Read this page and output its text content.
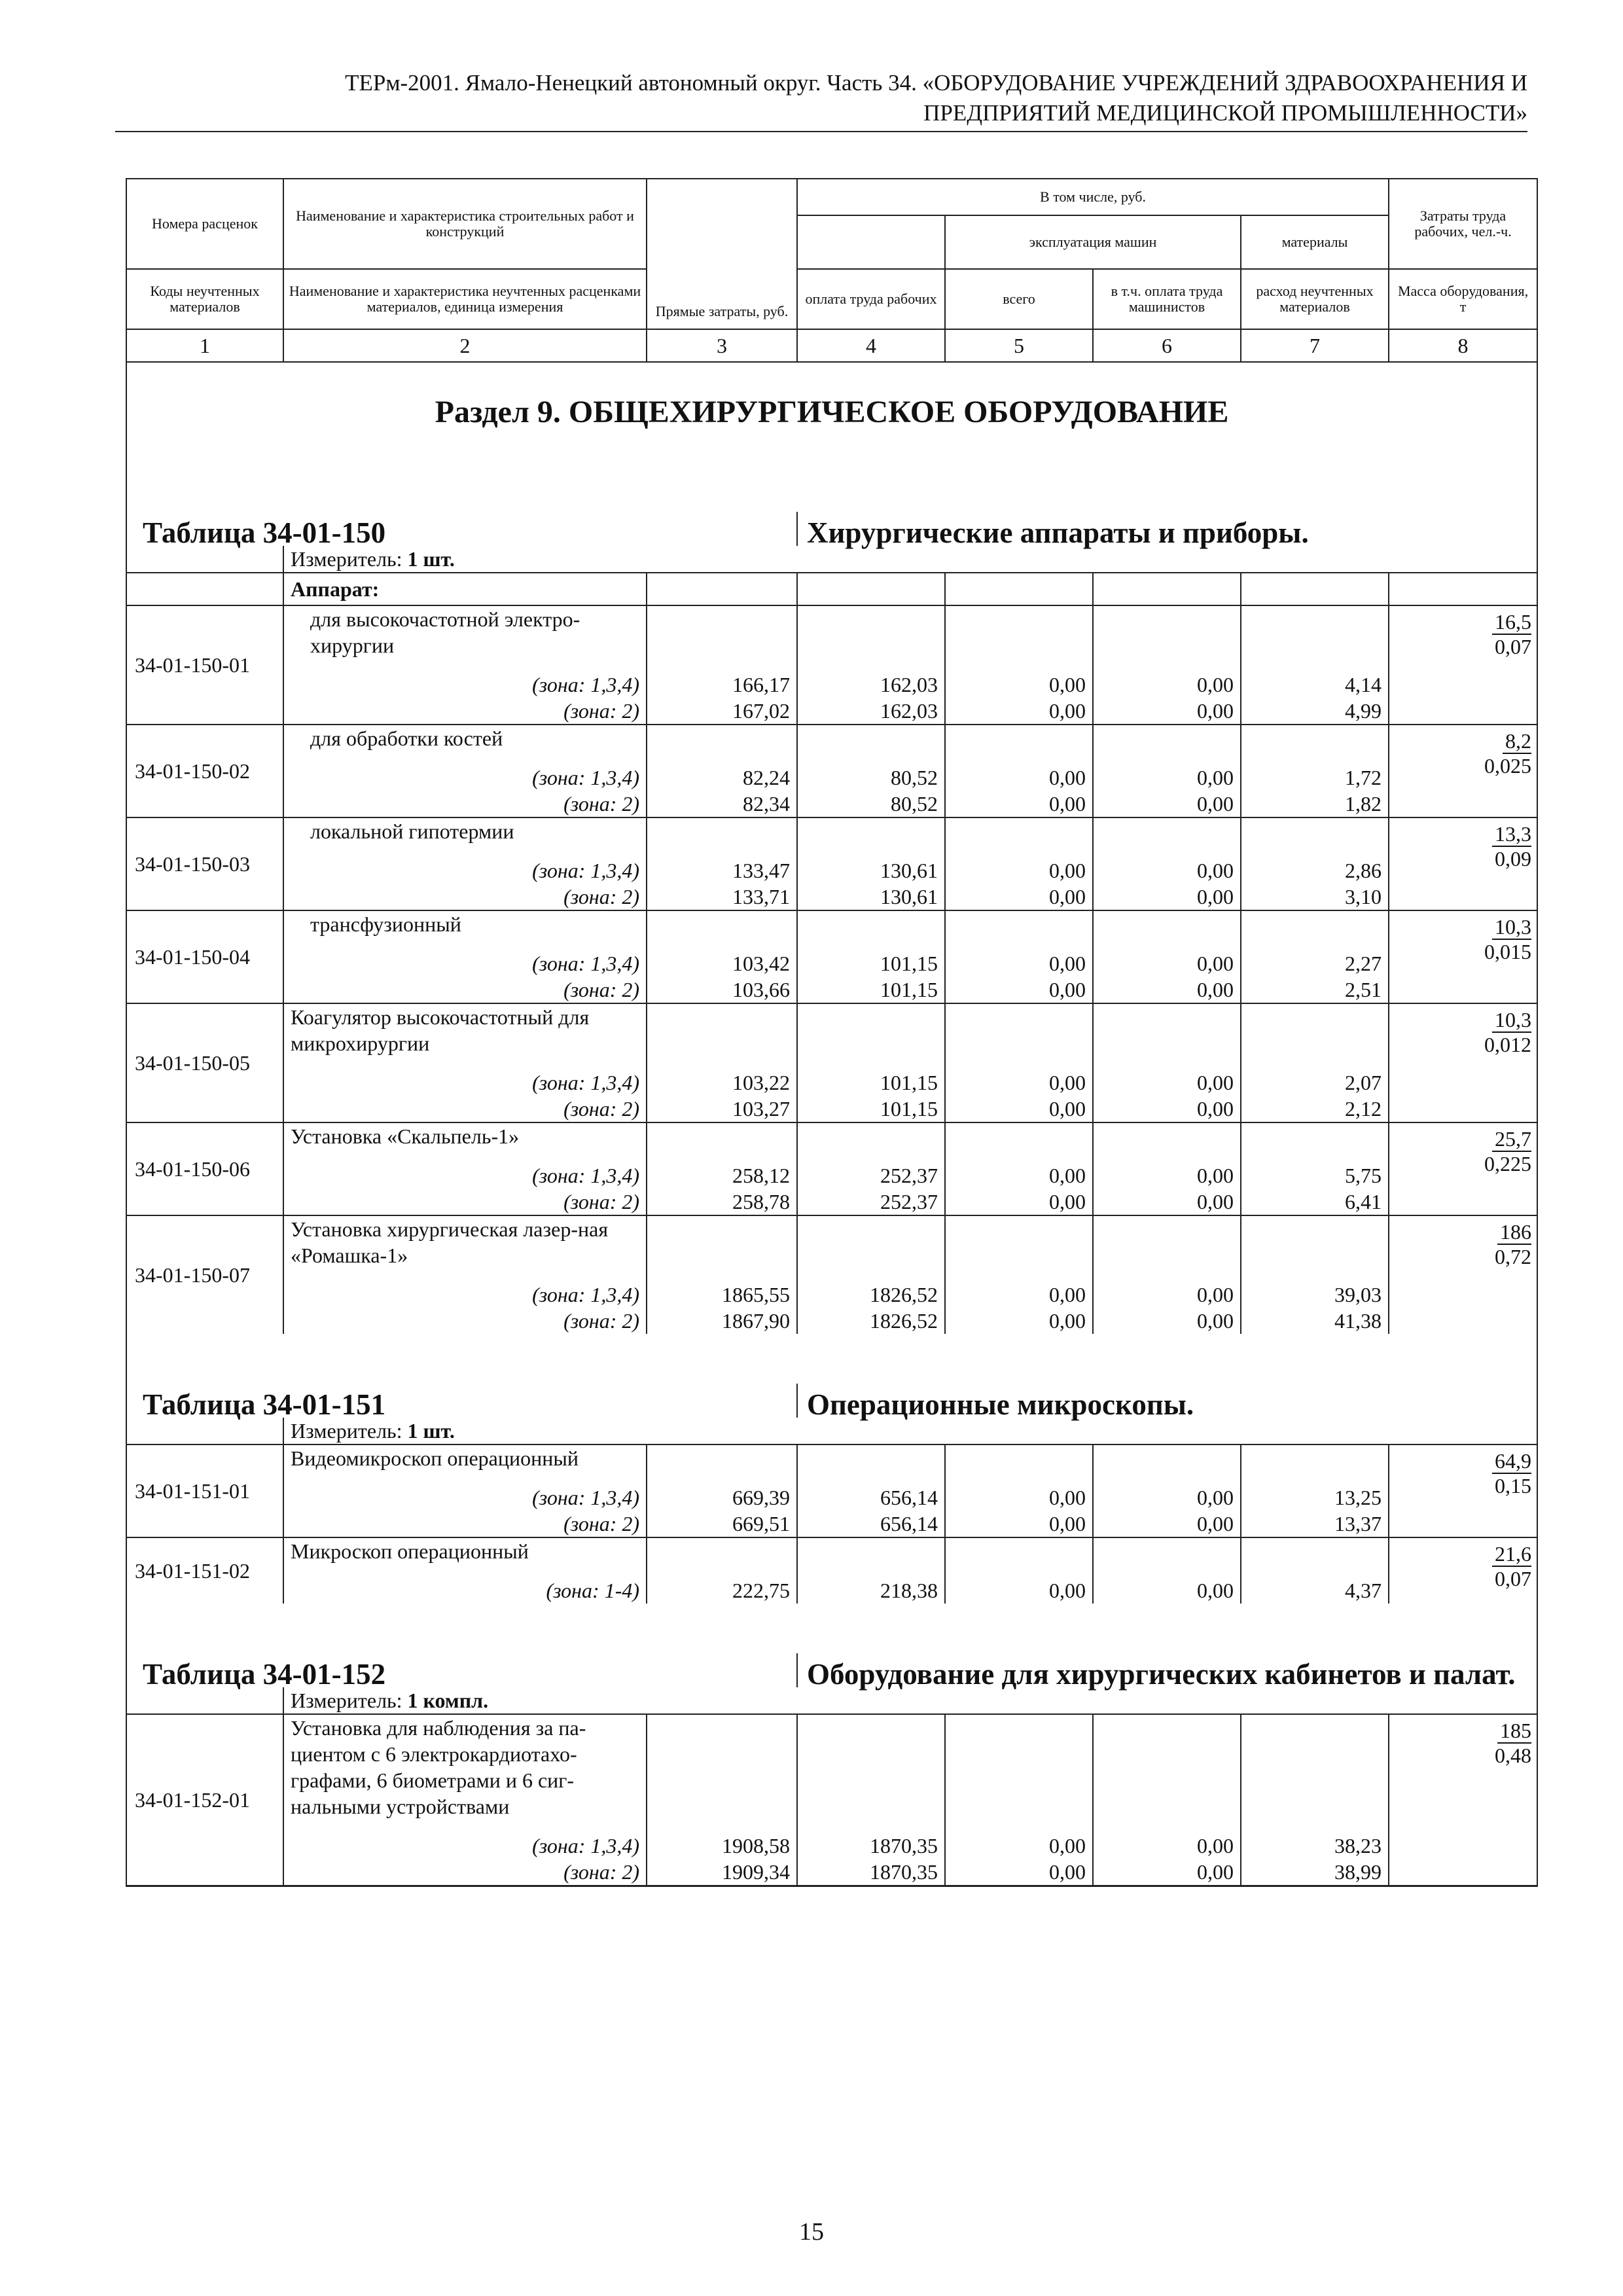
ТЕРм-2001. Ямало-Ненецкий автономный округ. Часть 34. «ОБОРУДОВАНИЕ УЧРЕЖДЕНИЙ ЗДРАВООХРАНЕНИЯ И
ПРЕДПРИЯТИЙ МЕДИЦИНСКОЙ ПРОМЫШЛЕННОСТИ»
Номера расценок	Наименование и характеристика строительных работ и конструкций	Прямые затраты, руб.	В том числе, руб.				Затраты труда рабочих, чел.-ч.
				эксплуатация машин		материалы	
Коды неучтенных материалов	Наименование и характеристика неучтенных расценками материалов, единица измерения		оплата труда рабочих	всего	в т.ч. оплата труда машинистов	расход неучтенных материалов	Масса оборудования, т
1	2	3	4	5	6	7	8
Раздел 9. ОБЩЕХИРУРГИЧЕСКОЕ ОБОРУДОВАНИЕ							

Таблица 34-01-150			Хирургические аппараты и приборы.				
	Измеритель: 1 шт.						
	Аппарат:						
34-01-150-01	для высокочастотной электро-хирургии						16,5
0,07

	(зона: 1,3,4)	166,17	162,03	0,00	0,00	4,14	
	(зона: 2)	167,02	162,03	0,00	0,00	4,99	
34-01-150-02	для обработки костей						8,2
0,025

	(зона: 1,3,4)	82,24	80,52	0,00	0,00	1,72	
	(зона: 2)	82,34	80,52	0,00	0,00	1,82	
34-01-150-03	локальной гипотермии						13,3
0,09

	(зона: 1,3,4)	133,47	130,61	0,00	0,00	2,86	
	(зона: 2)	133,71	130,61	0,00	0,00	3,10	
34-01-150-04	трансфузионный						10,3
0,015

	(зона: 1,3,4)	103,42	101,15	0,00	0,00	2,27	
	(зона: 2)	103,66	101,15	0,00	0,00	2,51	
34-01-150-05	Коагулятор высокочастотный для микрохирургии						10,3
0,012

	(зона: 1,3,4)	103,22	101,15	0,00	0,00	2,07	
	(зона: 2)	103,27	101,15	0,00	0,00	2,12	
34-01-150-06	Установка «Скальпель-1»						25,7
0,225

	(зона: 1,3,4)	258,12	252,37	0,00	0,00	5,75	
	(зона: 2)	258,78	252,37	0,00	0,00	6,41	
34-01-150-07	Установка хирургическая лазер-ная «Ромашка-1»						186
0,72

	(зона: 1,3,4)	1865,55	1826,52	0,00	0,00	39,03	
	(зона: 2)	1867,90	1826,52	0,00	0,00	41,38	

Таблица 34-01-151			Операционные микроскопы.				
	Измеритель: 1 шт.						
34-01-151-01	Видеомикроскоп операционный						64,9
0,15

	(зона: 1,3,4)	669,39	656,14	0,00	0,00	13,25	
	(зона: 2)	669,51	656,14	0,00	0,00	13,37	
34-01-151-02	Микроскоп операционный						21,6
0,07

	(зона: 1-4)	222,75	218,38	0,00	0,00	4,37	

Таблица 34-01-152			Оборудование для хирургических кабинетов и палат.				
	Измеритель: 1 компл.						
34-01-152-01	Установка для наблюдения за па-циентом с 6 электрокардиотахо-графами, 6 биометрами и 6 сиг-нальными устройствами						185
0,48

	(зона: 1,3,4)	1908,58	1870,35	0,00	0,00	38,23	
	(зона: 2)	1909,34	1870,35	0,00	0,00	38,99	
15
